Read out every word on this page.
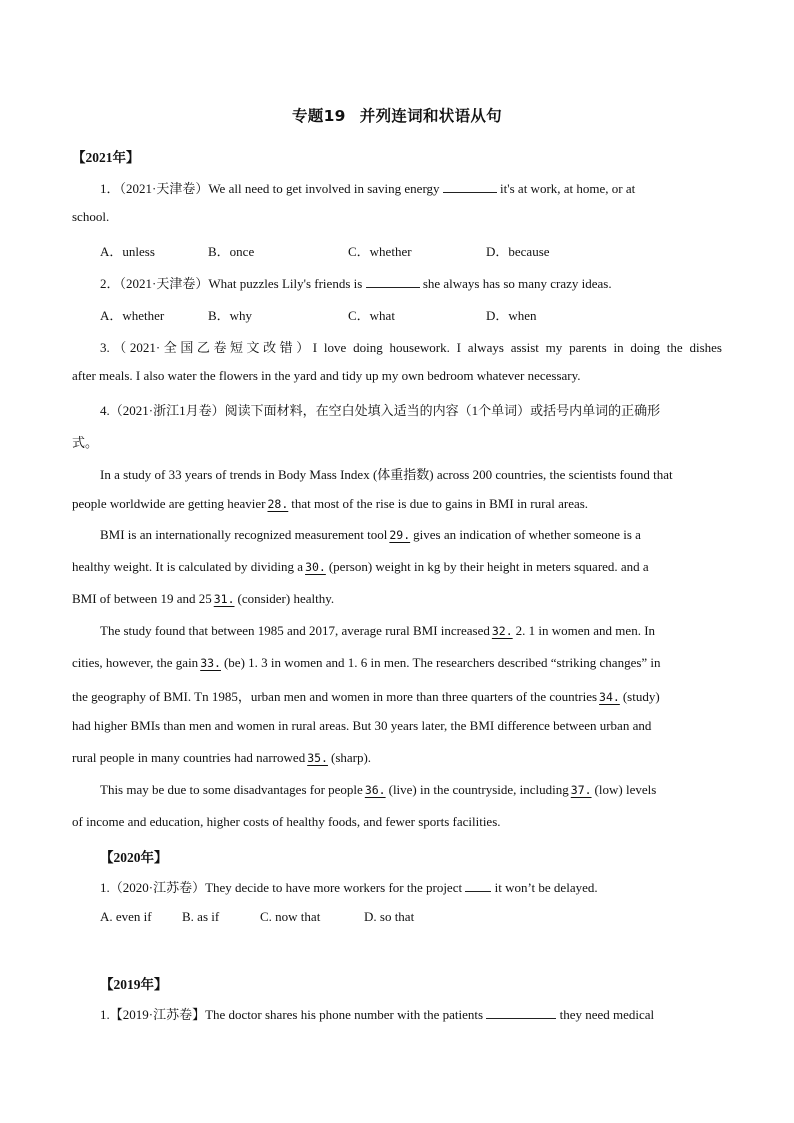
专题19 并列连词和状语从句
【2021年】
1．（2021·天津卷）We all need to get involved in saving energy	it's at work, at home, or at
school.
A．unless	B．once	C．whether	D．because
2．（2021·天津卷）What puzzles Lily's friends is	she always has so many crazy ideas.
A．whether	B．why	C．what	D．when
3.（2021·全国乙卷短文改错）I love doing housework. I always assist my parents in doing the dishes
after meals. I also water the flowers in the yard and tidy up my own bedroom whatever necessary.
4.（2021·浙江1月卷）阅读下面材料，在空白处填入适当的内容（1个单词）或括号内单词的正确形
式。
In a study of 33 years of trends in Body Mass Index (体重指数) across 200 countries, the scientists found that
people worldwide are getting heavier 28. that most of the rise is due to gains in BMI in rural areas.
BMI is an internationally recognized measurement tool 29. gives an indication of whether someone is a
healthy weight. It is calculated by dividing a 30. (person) weight in kg by their height in meters squared. and a
BMI of between 19 and 25 31. (consider) healthy.
The study found that between 1985 and 2017, average rural BMI increased 32. 2. 1 in women and men. In
cities, however, the gain 33. (be) 1. 3 in women and 1. 6 in men. The researchers described “striking changes” in
the geography of BMI. Tn 1985，urban men and women in more than three quarters of the countries 34. (study)
had higher BMIs than men and women in rural areas. But 30 years later, the BMI difference between urban and
rural people in many countries had narrowed 35. (sharp).
This may be due to some disadvantages for people 36. (live) in the countryside, including 37. (low) levels
of income and education, higher costs of healthy foods, and fewer sports facilities.
【2020年】
1.（2020·江苏卷）They decide to have more workers for the project	it won’t be delayed.
A. even if B. as if	C. now that	D. so that
【2019年】
1.【2019·江苏卷】The doctor shares his phone number with the patients	they need medical
